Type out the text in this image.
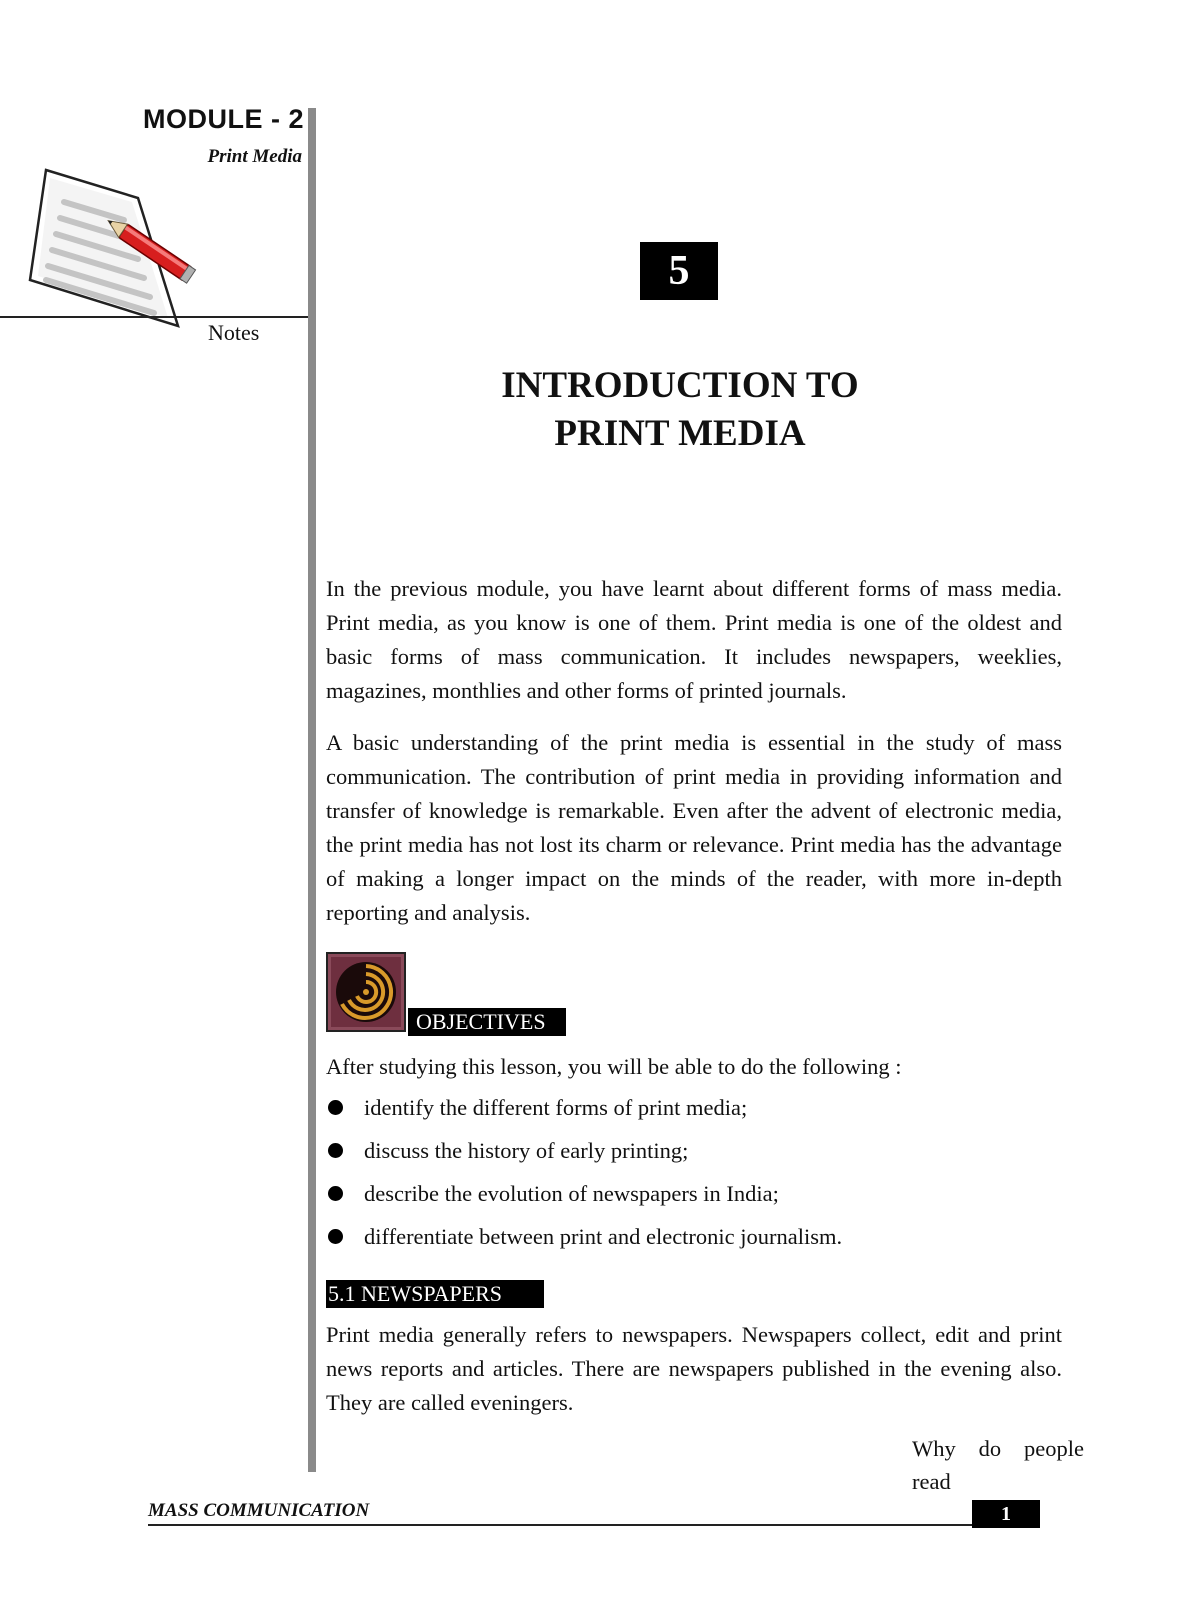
MODULE - 2
Print Media
Notes
5
INTRODUCTION TO
PRINT MEDIA

In the previous module, you have learnt about different forms of mass media. Print media, as you know is one of them. Print media is one of the oldest and basic forms of mass communication. It includes newspapers, weeklies, magazines, monthlies and other forms of printed journals.

A basic understanding of the print media is essential in the study of mass communication. The contribution of print media in providing information and transfer of knowledge is remarkable. Even after the advent of electronic media, the print media has not lost its charm or relevance. Print media has the advantage of making a longer impact on the minds of the reader, with more in-depth reporting and analysis.

OBJECTIVES
After studying this lesson, you will be able to do the following :
identify the different forms of print media;
discuss the history of early printing;
describe the evolution of newspapers in India;
differentiate between print and electronic journalism.
5.1 NEWSPAPERS

Print media generally refers to newspapers. Newspapers collect, edit and print news reports and articles. There are newspapers published in the evening also. They are called eveningers.

Why do people
read
MASS COMMUNICATION	1
